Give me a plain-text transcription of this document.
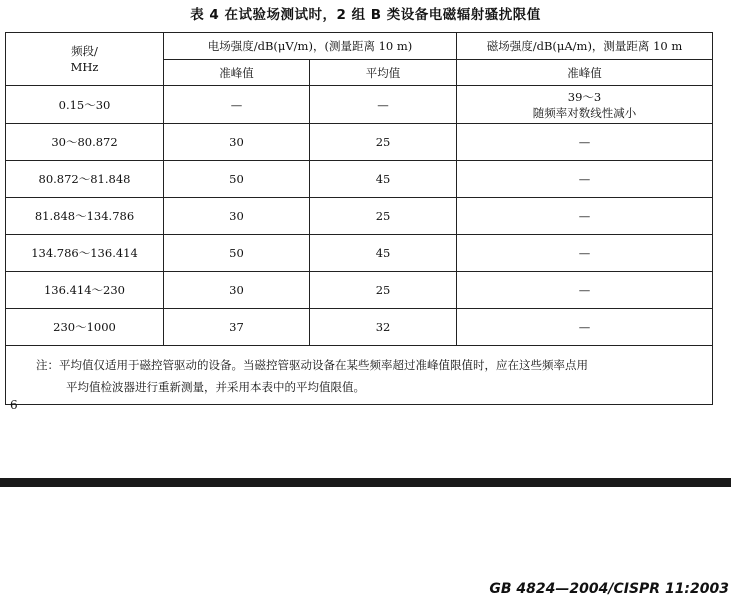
表 4 在试验场测试时，2 组 B 类设备电磁辐射骚扰限值
频段/
MHz	电场强度/dB(μV/m)，(测量距离 10 m)		磁场强度/dB(μA/m)，测量距离 10 m
	准峰值	平均值	准峰值
0.15～30	—	—	39～3
随频率对数线性减小

30～80.872	30	25	—
80.872～81.848	50	45	—
81.848～134.786	30	25	—
134.786～136.414	50	45	—
136.414～230	30	25	—
230～1000	37	32	—

注：平均值仅适用于磁控管驱动的设备。当磁控管驱动设备在某些频率超过准峰值限值时，应在这些频率点用
平均值检波器进行重新测量，并采用本表中的平均值限值。			
6
GB 4824—2004/CISPR 11:2003
